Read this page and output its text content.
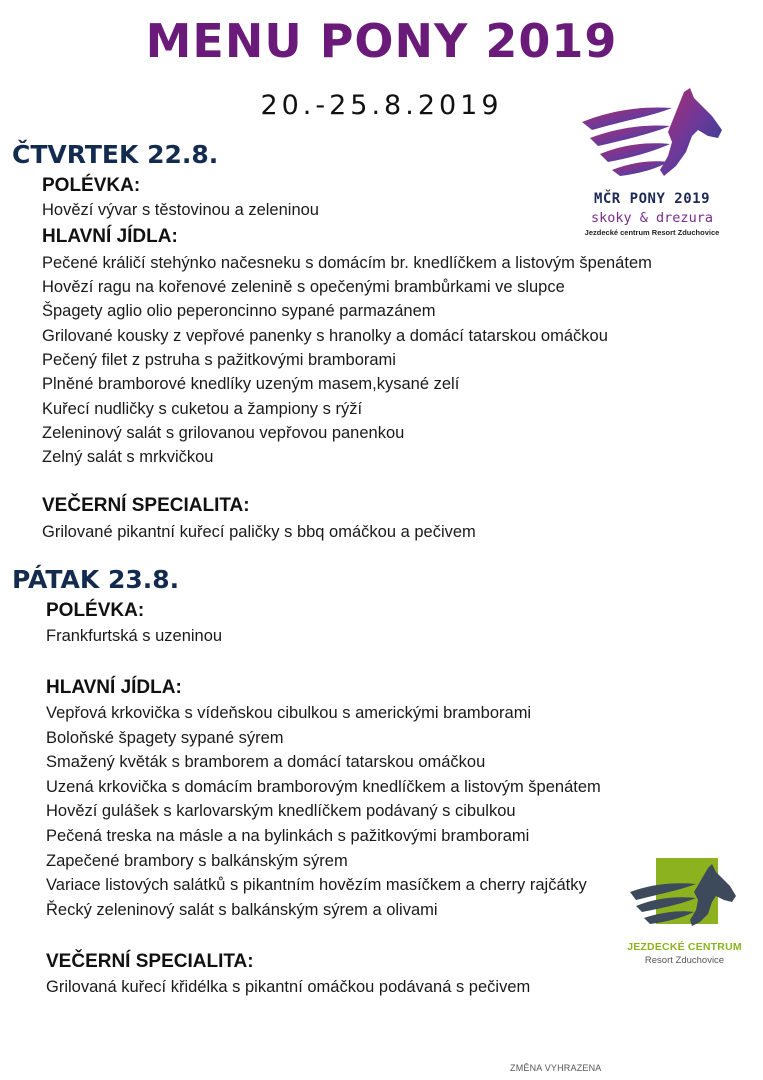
MENU PONY 2019
20.-25.8.2019
ČTVRTEK 22.8.
POLÉVKA:
Hovězí vývar s těstovinou a zeleninou
HLAVNÍ JÍDLA:
Pečené králičí stehýnko načesneku s domácím br. knedlíčkem a listovým špenátem
Hovězí ragu na kořenové zelenině s opečenými brambůrkami ve slupce
Špagety aglio olio peperoncinno sypané parmazánem
Grilované kousky z vepřové panenky s hranolky a domácí tatarskou omáčkou
Pečený filet z pstruha s pažitkovými bramborami
Plněné bramborové knedlíky uzeným masem,kysané zelí
Kuřecí nudličky s cuketou a žampiony s rýží
Zeleninový salát s grilovanou vepřovou panenkou
Zelný salát s mrkvičkou
VEČERNÍ SPECIALITA:
Grilované pikantní kuřecí paličky s bbq omáčkou a pečivem
PÁTAK 23.8.
POLÉVKA:
Frankfurtská s uzeninou
HLAVNÍ JÍDLA:
Vepřová krkovička s vídeňskou cibulkou s americkými bramborami
Boloňské špagety sypané sýrem
Smažený květák s bramborem a domácí tatarskou omáčkou
Uzená krkovička s domácím bramborovým knedlíčkem a listovým špenátem
Hovězí gulášek s karlovarským knedlíčkem podávaný s cibulkou
Pečená treska na másle a na bylinkách s pažitkovými bramborami
Zapečené brambory s balkánským sýrem
Variace listových salátků s pikantním hovězím masíčkem a cherry rajčátky
Řecký zeleninový salát s balkánským sýrem a olivami
VEČERNÍ SPECIALITA:
Grilovaná kuřecí křidélka s pikantní omáčkou podávaná s pečivem
MČR PONY 2019
skoky & drezura
Jezdecké centrum Resort Zduchovice
JEZDECKÉ CENTRUM
Resort Zduchovice
ZMĚNA VYHRAZENA
